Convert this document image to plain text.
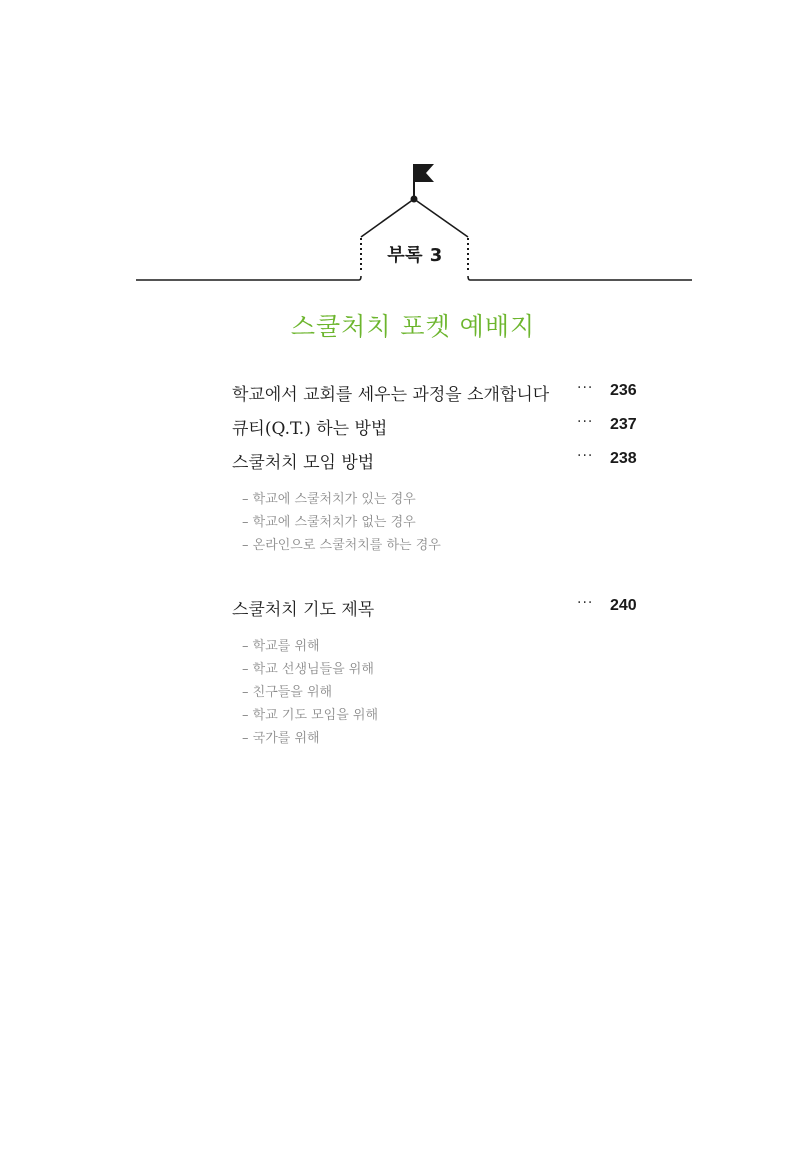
부록 3
스쿨처치 포켓 예배지
학교에서 교회를 세우는 과정을 소개합니다 ··· 236
큐티(Q.T.) 하는 방법	··· 237
스쿨처치 모임 방법	··· 238
– 학교에 스쿨처치가 있는 경우
– 학교에 스쿨처치가 없는 경우
– 온라인으로 스쿨처치를 하는 경우
스쿨처치 기도 제목	··· 240
– 학교를 위해
– 학교 선생님들을 위해
– 친구들을 위해
– 학교 기도 모임을 위해
– 국가를 위해
